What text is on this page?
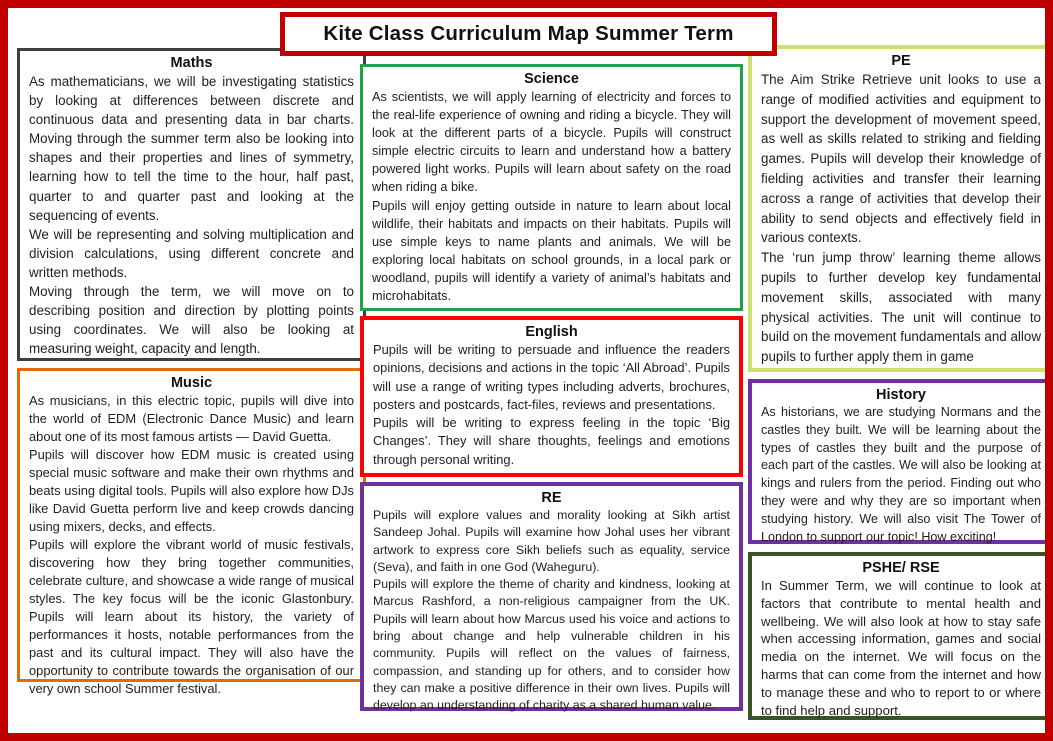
Kite Class Curriculum Map Summer Term
Maths

As mathematicians, we will be investigating statistics by looking at differences between discrete and continuous data and presenting data in bar charts. Moving through the summer term also be looking into shapes and their properties and lines of symmetry, learning how to tell the time to the hour, half past, quarter to and quarter past and looking at the sequencing of events.

We will be representing and solving multiplication and division calculations, using different concrete and written methods.

Moving through the term, we will move on to describing position and direction by plotting points using coordinates. We will also be looking at measuring weight, capacity and length.

Music

As musicians, in this electric topic, pupils will dive into the world of EDM (Electronic Dance Music) and learn about one of its most famous artists — David Guetta.

Pupils will discover how EDM music is created using special music software and make their own rhythms and beats using digital tools. Pupils will also explore how DJs like David Guetta perform live and keep crowds dancing using mixers, decks, and effects.

Pupils will explore the vibrant world of music festivals, discovering how they bring together communities, celebrate culture, and showcase a wide range of musical styles. The key focus will be the iconic Glastonbury. Pupils will learn about its history, the variety of performances it hosts, notable performances from the past and its cultural impact. They will also have the opportunity to contribute towards the organisation of our very own school Summer festival.

Science

As scientists, we will apply learning of electricity and forces to the real-life experience of owning and riding a bicycle. They will look at the different parts of a bicycle. Pupils will construct simple electric circuits to learn and understand how a battery powered light works. Pupils will learn about safety on the road when riding a bike.

Pupils will enjoy getting outside in nature to learn about local wildlife, their habitats and impacts on their habitats. Pupils will use simple keys to name plants and animals. We will be exploring local habitats on school grounds, in a local park or woodland, pupils will identify a variety of animal’s habitats and microhabitats.

English

Pupils will be writing to persuade and influence the readers opinions, decisions and actions in the topic ‘All Abroad’. Pupils will use a range of writing types including adverts, brochures, posters and postcards, fact-files, reviews and presentations.

Pupils will be writing to express feeling in the topic ‘Big Changes’. They will share thoughts, feelings and emotions through personal writing.

RE

Pupils will explore values and morality looking at Sikh artist Sandeep Johal. Pupils will examine how Johal uses her vibrant artwork to express core Sikh beliefs such as equality, service (Seva), and faith in one God (Waheguru).

Pupils will explore the theme of charity and kindness, looking at Marcus Rashford, a non-religious campaigner from the UK. Pupils will learn about how Marcus used his voice and actions to bring about change and help vulnerable children in his community. Pupils will reflect on the values of fairness, compassion, and standing up for others, and to consider how they can make a positive difference in their own lives. Pupils will develop an understanding of charity as a shared human value.

PE

The Aim Strike Retrieve unit looks to use a range of modified activities and equipment to support the development of movement speed, as well as skills related to striking and fielding games. Pupils will develop their knowledge of fielding activities and transfer their learning across a range of activities that develop their ability to send objects and effectively field in various contexts.

The ‘run jump throw’ learning theme allows pupils to further develop key fundamental movement skills, associated with many physical activities. The unit will continue to build on the movement fundamentals and allow pupils to further apply them in game

History

As historians, we are studying Normans and the castles they built. We will be learning about the types of castles they built and the purpose of each part of the castles. We will also be looking at kings and rulers from the period. Finding out who they were and why they are so important when studying history. We will also visit The Tower of London to support our topic! How exciting!

PSHE/ RSE

In Summer Term, we will continue to look at factors that contribute to mental health and wellbeing. We will also look at how to stay safe when accessing information, games and social media on the internet. We will focus on the harms that can come from the internet and how to manage these and who to report to or where to find help and support.
